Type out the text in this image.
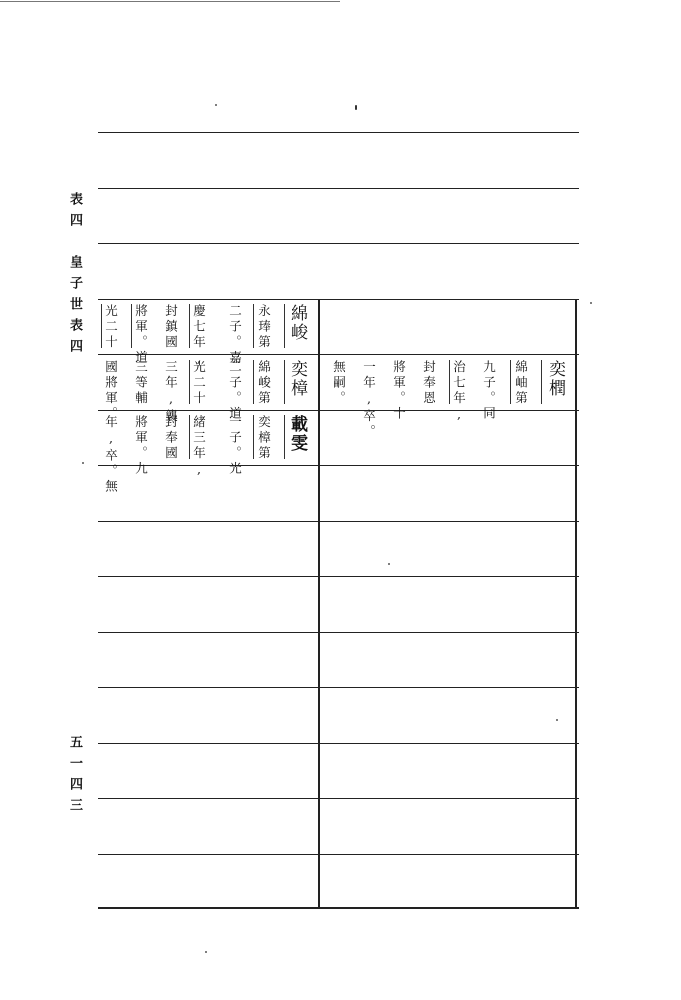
表四
皇子世表四
五一四三
綿峻
永琫第
二子。嘉
慶七年,
封鎮國
將軍。道
光二十
奕樟
綿峻第
二子。道
光二十
三年,襲
三等輔
國將軍。
載雯
奕樟第
一子。光
緒三年,
封奉國
將軍。九
年,卒。無
奕橍
綿岫第
九子。同
治七年,
封奉恩
將軍。十
一年,卒。
無嗣。
